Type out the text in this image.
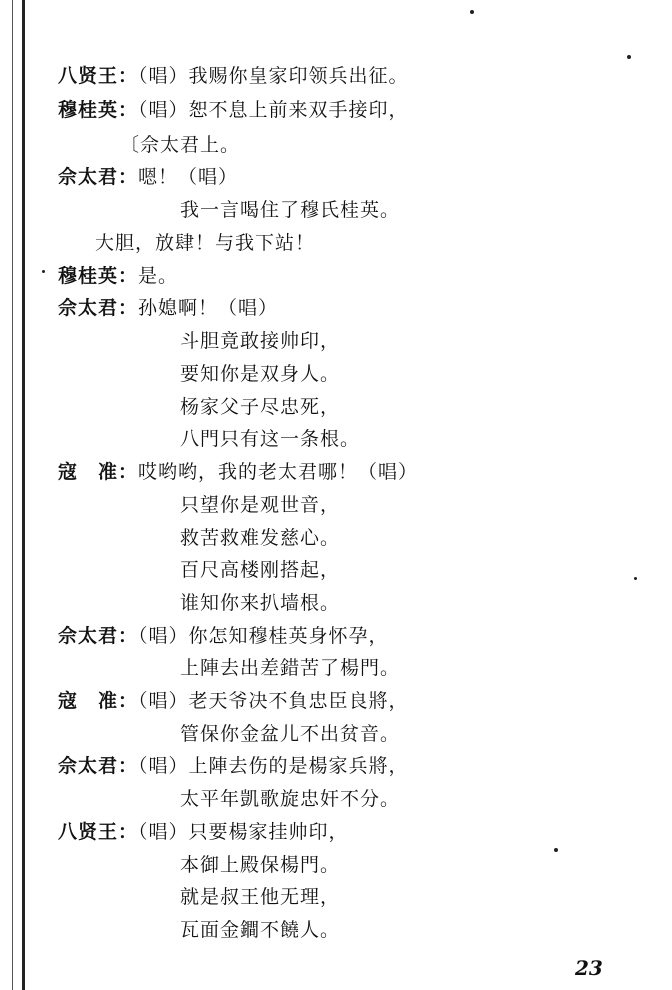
八贤王：（唱）我赐你皇家印领兵出征。
穆桂英：（唱）恕不息上前来双手接印，
〔佘太君上。
佘太君：嗯！（唱）
我一言喝住了穆氏桂英。
大胆，放肆！与我下站！
穆桂英：是。
佘太君：孙媳啊！（唱）
斗胆竟敢接帅印，
要知你是双身人。
杨家父子尽忠死，
八門只有这一条根。
寇　准：哎哟哟，我的老太君哪！（唱）
只望你是观世音，
救苦救难发慈心。
百尺高楼刚搭起，
谁知你来扒墙根。
佘太君：（唱）你怎知穆桂英身怀孕，
上陣去出差錯苦了楊門。
寇　准：（唱）老天爷决不負忠臣良將，
管保你金盆儿不出贫音。
佘太君：（唱）上陣去伤的是楊家兵將，
太平年凱歌旋忠奸不分。
八贤王：（唱）只要楊家挂帅印，
本御上殿保楊門。
就是叔王他无理，
瓦面金鐧不饒人。
23
